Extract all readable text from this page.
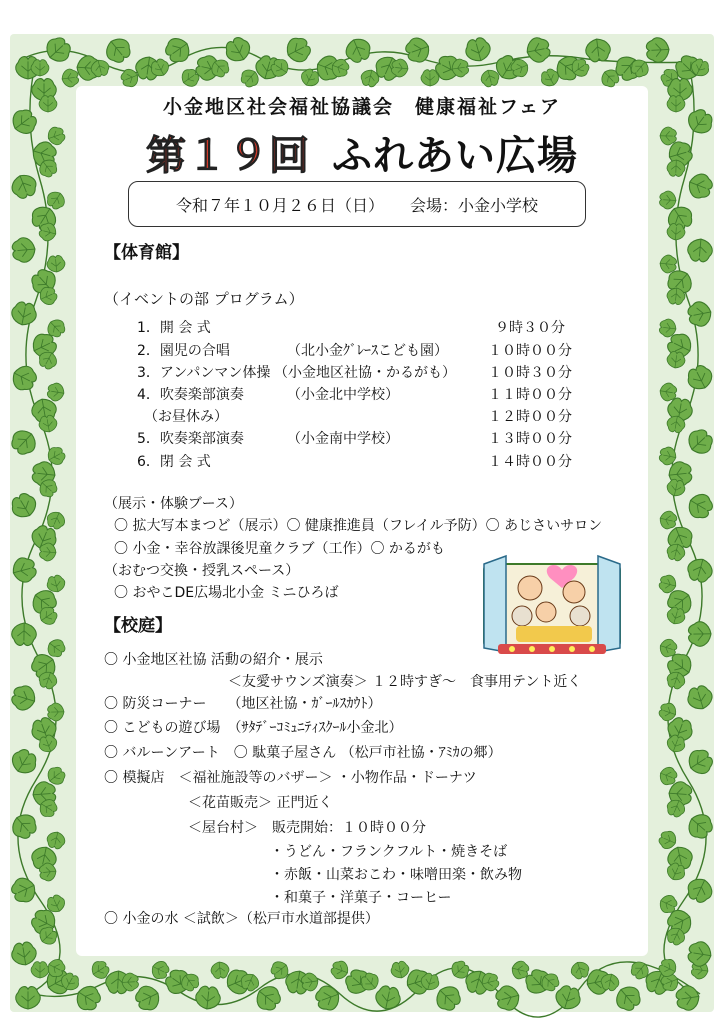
小金地区社会福祉協議会　健康福祉フェア
第１９回 ふれあい広場
令和７年１０月２６日（日） 会場：小金小学校
【体育館】
（イベントの部 プログラム）
1．開 会 式	９時３０分
2．園児の合唱	（北小金ｸﾞﾚｰｽこども園）	１０時００分
3．アンパンマン体操 （小金地区社協・かるがも） １０時３０分
4．吹奏楽部演奏	（小金北中学校）	１１時００分
　（お昼休み）	１２時００分
5．吹奏楽部演奏	（小金南中学校）	１３時００分
6．閉 会 式	１４時００分
（展示・体験ブース）
〇 拡大写本まつど（展示）〇 健康推進員（フレイル予防）〇 あじさいサロン
〇 小金・幸谷放課後児童クラブ（工作）〇 かるがも
（おむつ交換・授乳スペース）
〇 おやこDE広場北小金 ミニひろば
【校庭】
〇 小金地区社協 活動の紹介・展示
＜友愛サウンズ演奏＞ １２時すぎ～　食事用テント近く
〇 防災コーナー　　（地区社協・ｶﾞｰﾙｽｶｳﾄ）
〇 こどもの遊び場　（ｻﾀﾃﾞｰｺﾐｭﾆﾃｨｽｸｰﾙ小金北）
〇 バルーンアート　〇 駄菓子屋さん （松戸市社協・ｱﾐｶの郷）
〇 模擬店　＜福祉施設等のバザー＞ ・小物作品・ドーナツ
＜花苗販売＞ 正門近く
＜屋台村＞　販売開始：１０時００分
・うどん・フランクフルト・焼きそば
・赤飯・山菜おこわ・味噌田楽・飲み物
・和菓子・洋菓子・コーヒー
〇 小金の水 ＜試飲＞（松戸市水道部提供）
